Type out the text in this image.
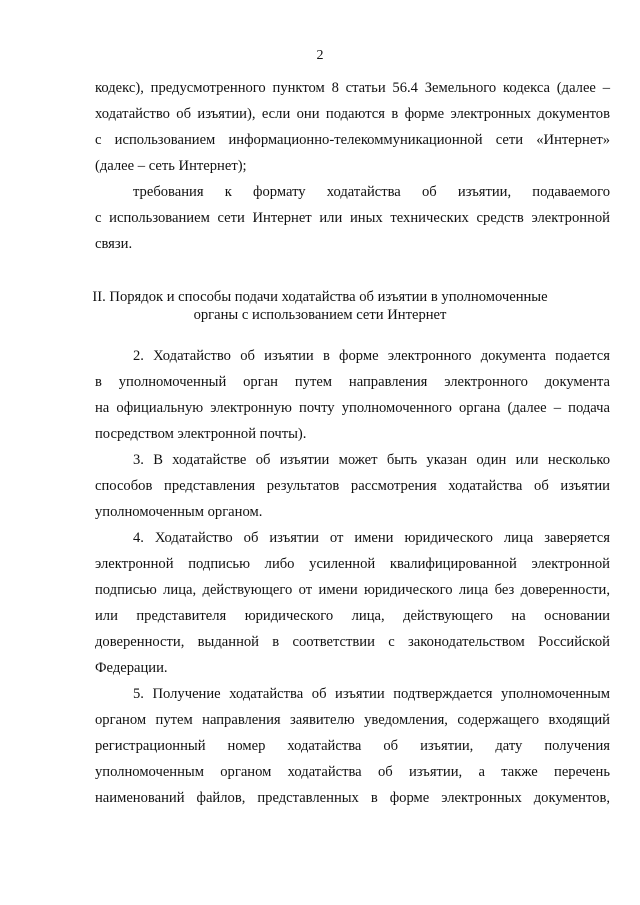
2
кодекс), предусмотренного пунктом 8 статьи 56.4 Земельного кодекса (далее –
ходатайство об изъятии), если они подаются в форме электронных документов
с использованием информационно-телекоммуникационной сети «Интернет»
(далее – сеть Интернет);
требования к формату ходатайства об изъятии, подаваемого
с использованием сети Интернет или иных технических средств электронной
связи.
II. Порядок и способы подачи ходатайства об изъятии в уполномоченные
органы с использованием сети Интернет
2. Ходатайство об изъятии в форме электронного документа подается
в уполномоченный орган путем направления электронного документа
на официальную электронную почту уполномоченного органа (далее – подача
посредством электронной почты).
3. В ходатайстве об изъятии может быть указан один или несколько
способов представления результатов рассмотрения ходатайства об изъятии
уполномоченным органом.
4. Ходатайство об изъятии от имени юридического лица заверяется
электронной подписью либо усиленной квалифицированной электронной
подписью лица, действующего от имени юридического лица без доверенности,
или представителя юридического лица, действующего на основании
доверенности, выданной в соответствии с законодательством Российской
Федерации.
5. Получение ходатайства об изъятии подтверждается уполномоченным
органом путем направления заявителю уведомления, содержащего входящий
регистрационный номер ходатайства об изъятии, дату получения
уполномоченным органом ходатайства об изъятии, а также перечень
наименований файлов, представленных в форме электронных документов,
